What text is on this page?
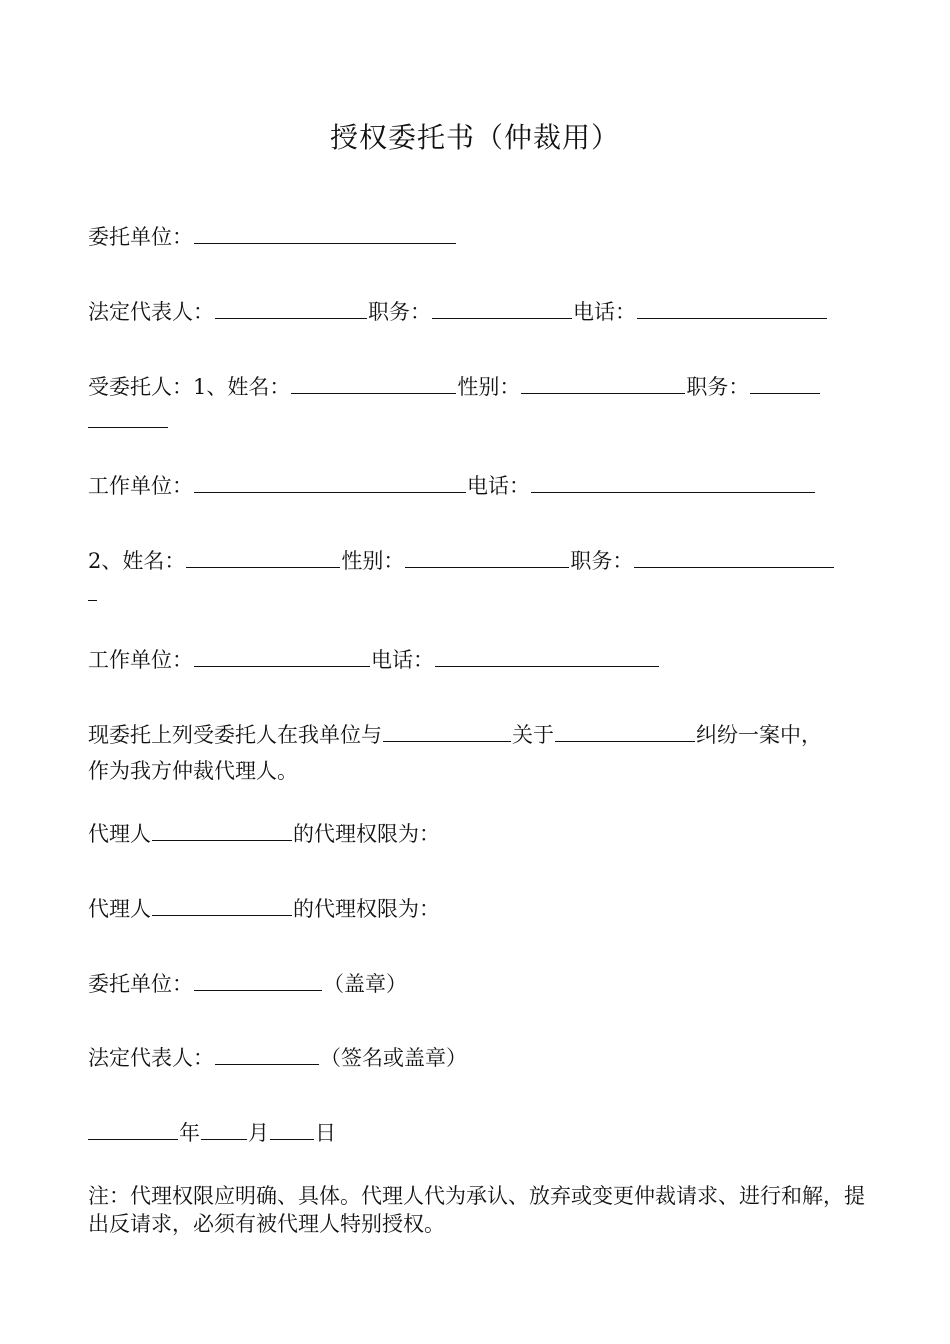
授权委托书（仲裁用）
委托单位：
法定代表人：	职务：	电话：
受委托人：1、姓名：	性别：	职务：
工作单位：	电话：
2、姓名：	性别：	职务：
工作单位：	电话：
现委托上列受委托人在我单位与	关于	纠纷一案中，
作为我方仲裁代理人。
代理人	的代理权限为：
代理人	的代理权限为：
委托单位：	（盖章）
法定代表人：	（签名或盖章）
年 月 日
注：代理权限应明确、具体。代理人代为承认、放弃或变更仲裁请求、进行和解，提出反请求，必须有被代理人特别授权。
